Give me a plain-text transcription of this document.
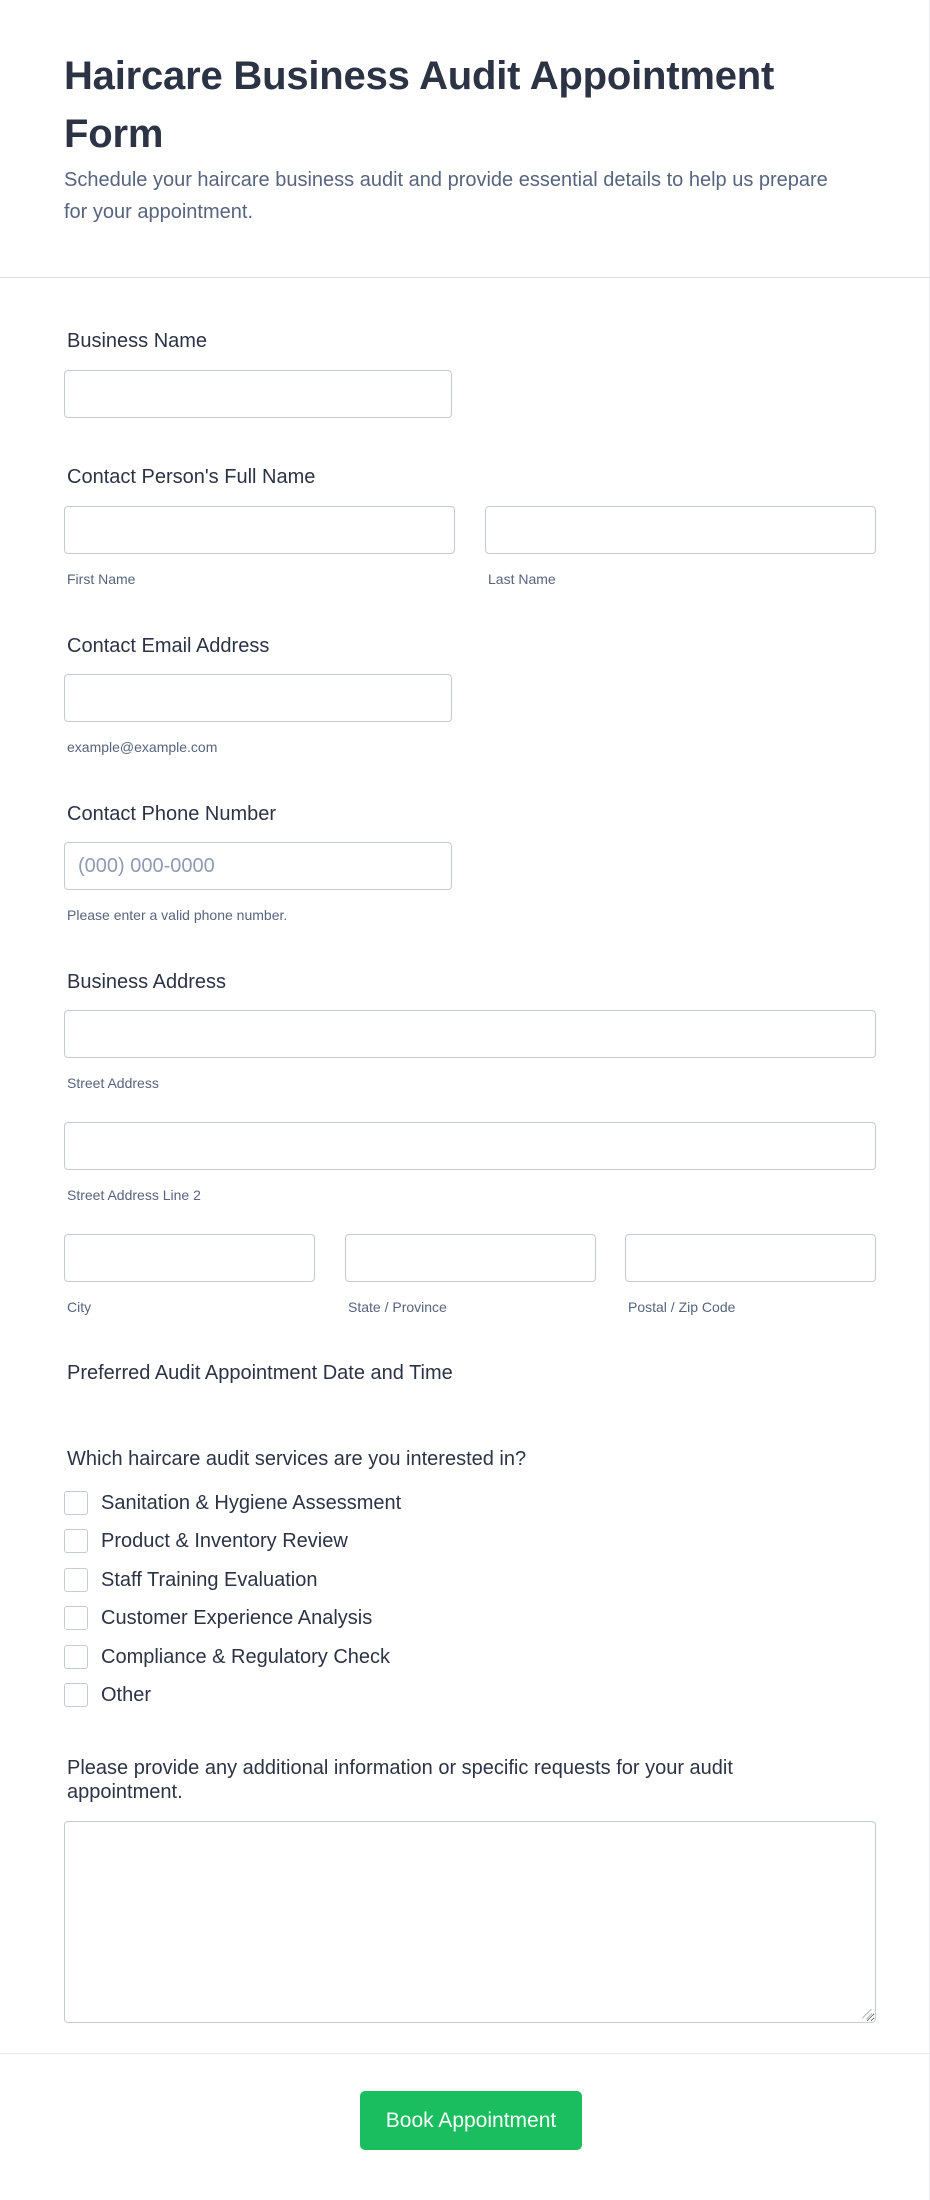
Haircare Business Audit Appointment Form

Schedule your haircare business audit and provide essential details to help us prepare for your appointment.

Business Name
Contact Person's Full Name
First Name	Last Name
Contact Email Address
example@example.com
Contact Phone Number
(000) 000-0000
Please enter a valid phone number.
Business Address
Street Address
Street Address Line 2
City	State / Province	Postal / Zip Code
Preferred Audit Appointment Date and Time
Which haircare audit services are you interested in?
Sanitation & Hygiene Assessment
Product & Inventory Review
Staff Training Evaluation
Customer Experience Analysis
Compliance & Regulatory Check
Other
Please provide any additional information or specific requests for your audit appointment.
Book Appointment
